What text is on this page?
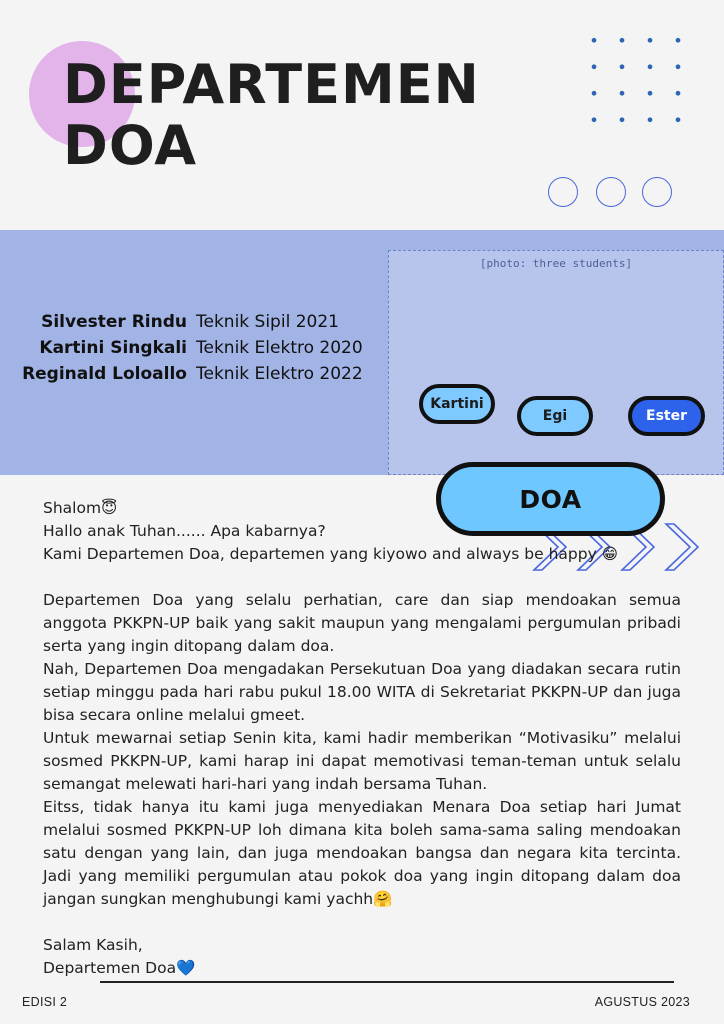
DEPARTEMEN
DOA
Silvester Rindu Teknik Sipil 2021
Kartini Singkali Teknik Elektro 2020
Reginald Loloallo Teknik Elektro 2022
[photo: three students]
Kartini
Egi	Ester
DOA

Shalom😇

Hallo anak Tuhan...... Apa kabarnya?

Kami Departemen Doa, departemen yang kiyowo and always be happy 😁

Departemen Doa yang selalu perhatian, care dan siap mendoakan semua anggota PKKPN-UP baik yang sakit maupun yang mengalami pergumulan pribadi serta yang ingin ditopang dalam doa.

Nah, Departemen Doa mengadakan Persekutuan Doa yang diadakan secara rutin setiap minggu pada hari rabu pukul 18.00 WITA di Sekretariat PKKPN-UP dan juga bisa secara online melalui gmeet.

Untuk mewarnai setiap Senin kita, kami hadir memberikan “Motivasiku” melalui sosmed PKKPN-UP, kami harap ini dapat memotivasi teman-teman untuk selalu semangat melewati hari-hari yang indah bersama Tuhan.

Eitss, tidak hanya itu kami juga menyediakan Menara Doa setiap hari Jumat melalui sosmed PKKPN-UP loh dimana kita boleh sama-sama saling mendoakan satu dengan yang lain, dan juga mendoakan bangsa dan negara kita tercinta. Jadi yang memiliki pergumulan atau pokok doa yang ingin ditopang dalam doa jangan sungkan menghubungi kami yachh🤗

Salam Kasih,

Departemen Doa💙

EDISI 2	AGUSTUS 2023
